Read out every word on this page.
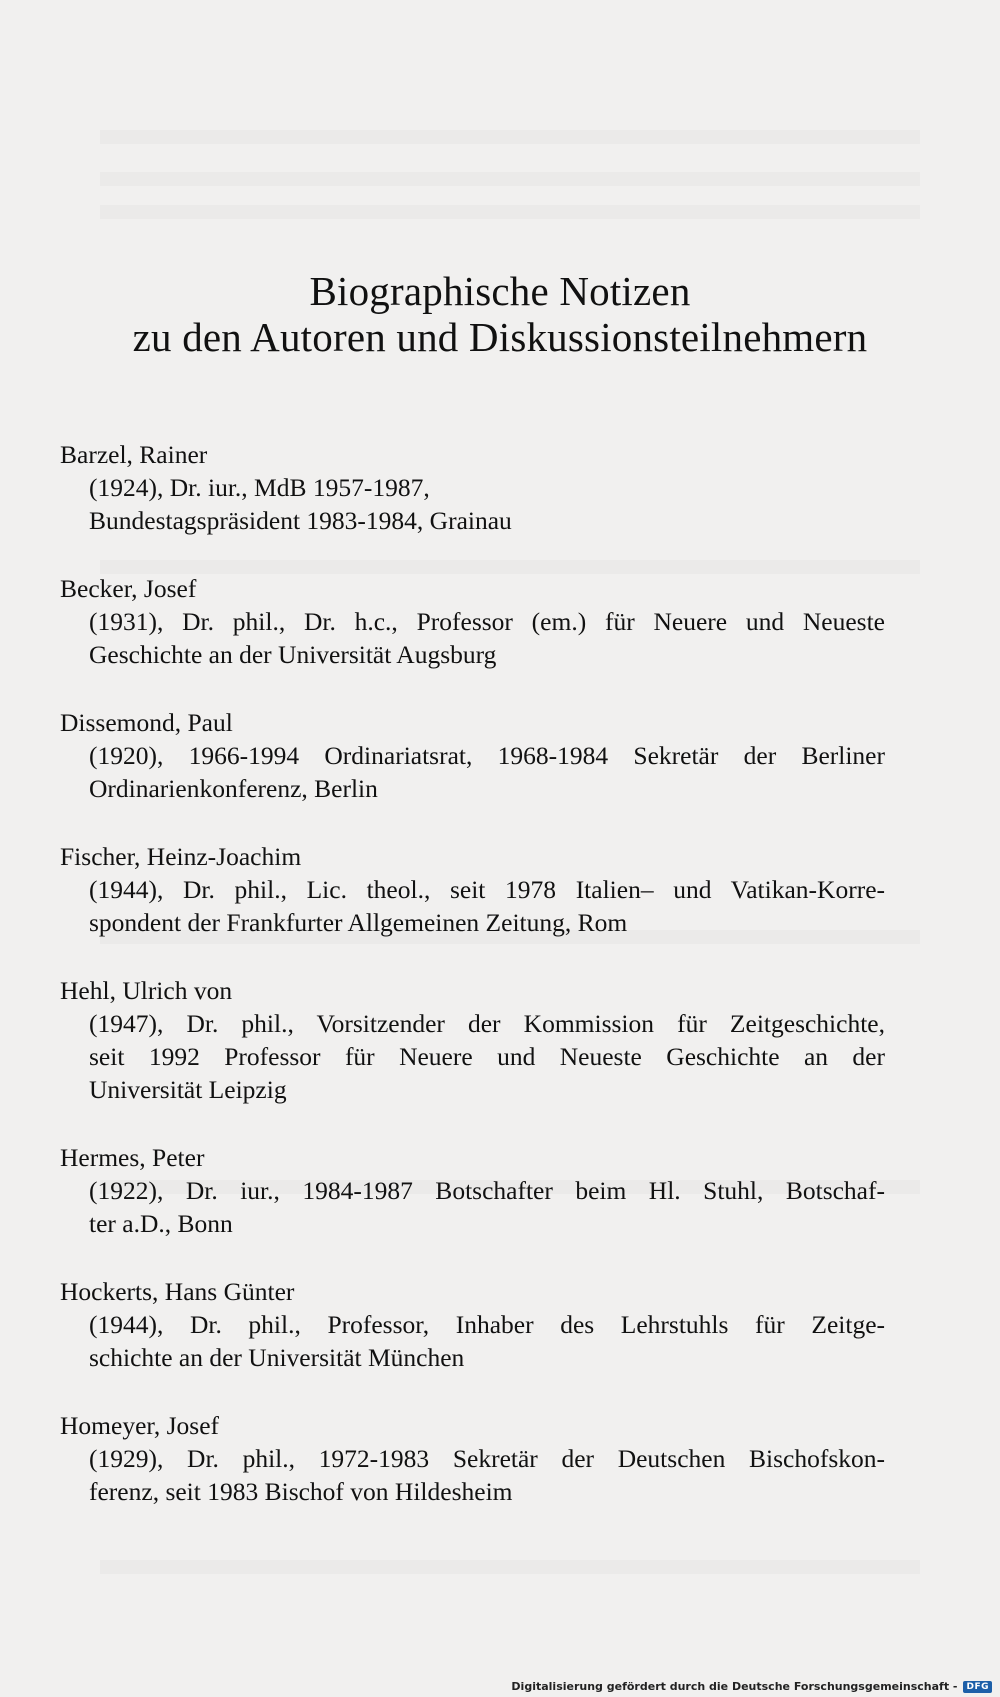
Biographische Notizen
zu den Autoren und Diskussionsteilnehmern
Barzel, Rainer
(1924), Dr. iur., MdB 1957-1987,
Bundestagspräsident 1983-1984, Grainau
Becker, Josef
(1931), Dr. phil., Dr. h.c., Professor (em.) für Neuere und Neueste
Geschichte an der Universität Augsburg
Dissemond, Paul
(1920), 1966-1994 Ordinariatsrat, 1968-1984 Sekretär der Berliner
Ordinarienkonferenz, Berlin
Fischer, Heinz-Joachim
(1944), Dr. phil., Lic. theol., seit 1978 Italien– und Vatikan-Korre-
spondent der Frankfurter Allgemeinen Zeitung, Rom
Hehl, Ulrich von
(1947), Dr. phil., Vorsitzender der Kommission für Zeitgeschichte,
seit 1992 Professor für Neuere und Neueste Geschichte an der
Universität Leipzig
Hermes, Peter
(1922), Dr. iur., 1984-1987 Botschafter beim Hl. Stuhl, Botschaf-
ter a.D., Bonn
Hockerts, Hans Günter
(1944), Dr. phil., Professor, Inhaber des Lehrstuhls für Zeitge-
schichte an der Universität München
Homeyer, Josef
(1929), Dr. phil., 1972-1983 Sekretär der Deutschen Bischofskon-
ferenz, seit 1983 Bischof von Hildesheim
Digitalisierung gefördert durch die Deutsche Forschungsgemeinschaft -	DFG
